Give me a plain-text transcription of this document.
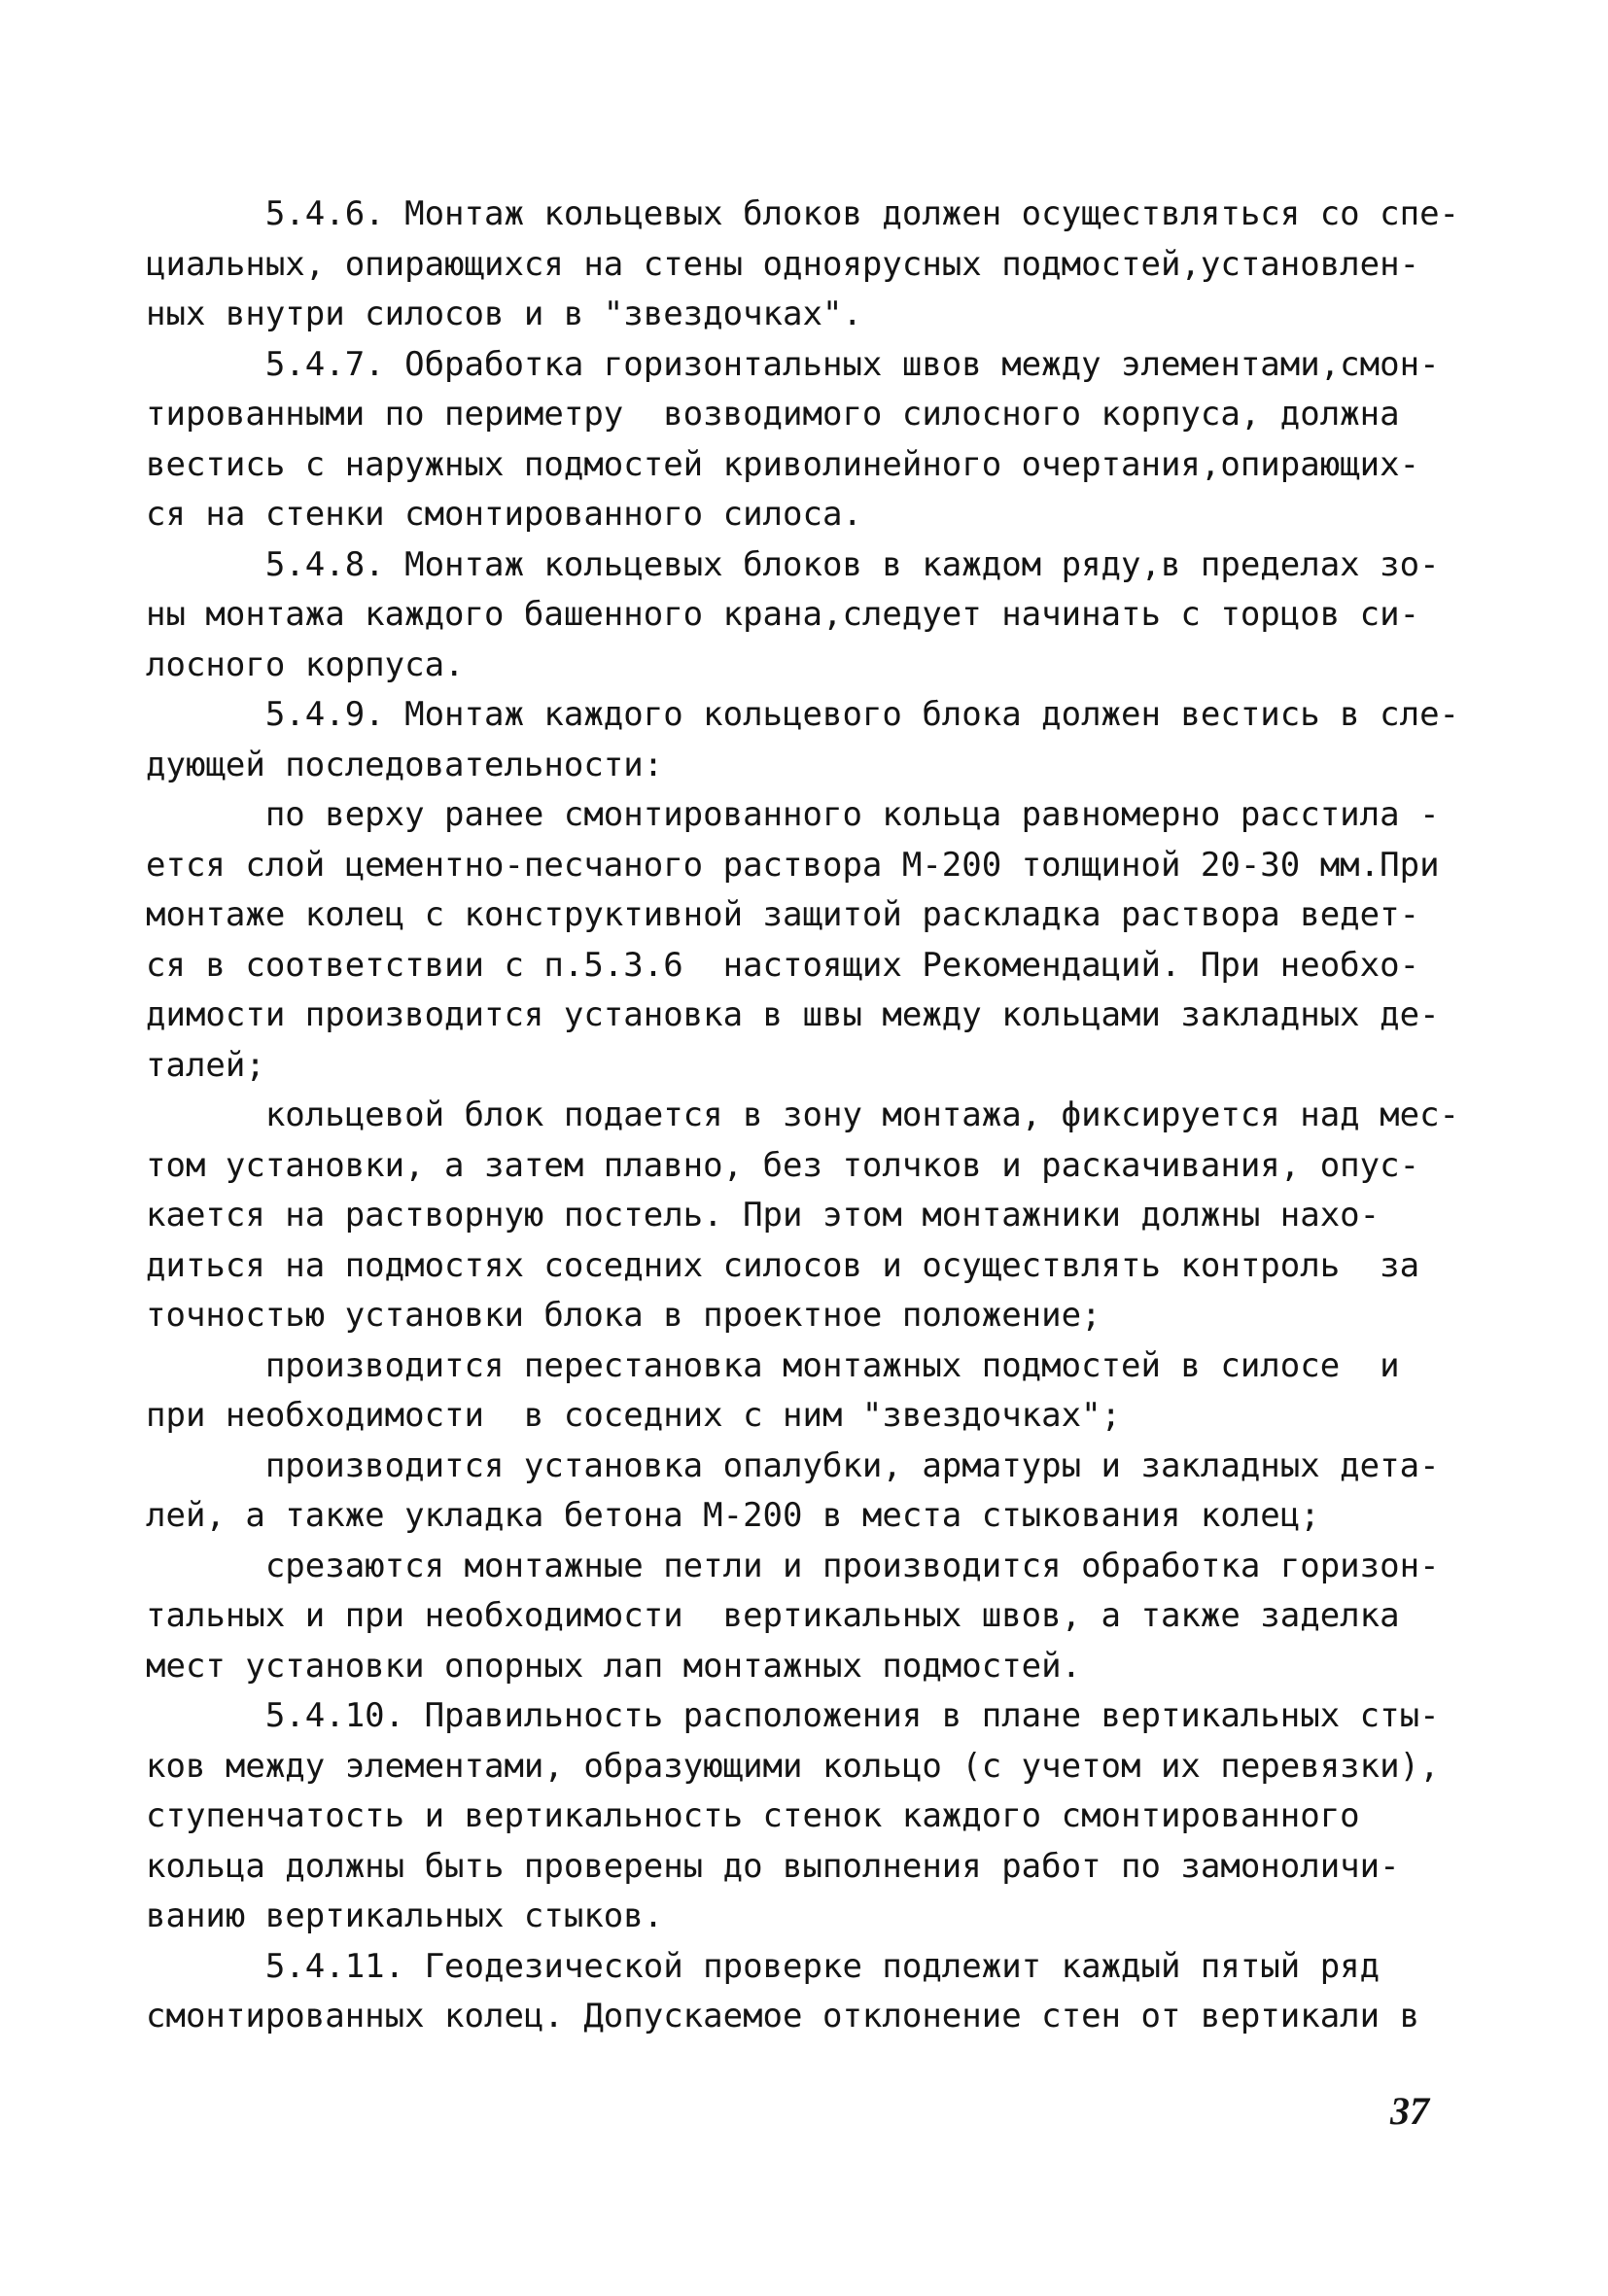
5.4.6. Монтаж кольцевых блоков должен осуществляться со спе-
циальных, опирающихся на стены одноярусных подмостей,установлен-
ных внутри силосов и в "звездочках".
5.4.7. Обработка горизонтальных швов между элементами,смон-
тированными по периметру  возводимого силосного корпуса, должна
вестись с наружных подмостей криволинейного очертания,опирающих-
ся на стенки смонтированного силоса.
5.4.8. Монтаж кольцевых блоков в каждом ряду,в пределах зо-
ны монтажа каждого башенного крана,следует начинать с торцов си-
лосного корпуса.
5.4.9. Монтаж каждого кольцевого блока должен вестись в сле-
дующей последовательности:
по верху ранее смонтированного кольца равномерно расстила -
ется слой цементно-песчаного раствора М-200 толщиной 20-30 мм.При
монтаже колец с конструктивной защитой раскладка раствора ведет-
ся в соответствии с п.5.3.6  настоящих Рекомендаций. При необхо-
димости производится установка в швы между кольцами закладных де-
талей;
кольцевой блок подается в зону монтажа, фиксируется над мес-
том установки, а затем плавно, без толчков и раскачивания, опус-
кается на растворную постель. При этом монтажники должны нахо-
диться на подмостях соседних силосов и осуществлять контроль  за
точностью установки блока в проектное положение;
производится перестановка монтажных подмостей в силосе  и
при необходимости  в соседних с ним "звездочках";
производится установка опалубки, арматуры и закладных дета-
лей, а также укладка бетона М-200 в места стыкования колец;
срезаются монтажные петли и производится обработка горизон-
тальных и при необходимости  вертикальных швов, а также заделка
мест установки опорных лап монтажных подмостей.
5.4.10. Правильность расположения в плане вертикальных сты-
ков между элементами, образующими кольцо (с учетом их перевязки),
ступенчатость и вертикальность стенок каждого смонтированного
кольца должны быть проверены до выполнения работ по замоноличи-
ванию вертикальных стыков.
5.4.11. Геодезической проверке подлежит каждый пятый ряд
смонтированных колец. Допускаемое отклонение стен от вертикали в
37
